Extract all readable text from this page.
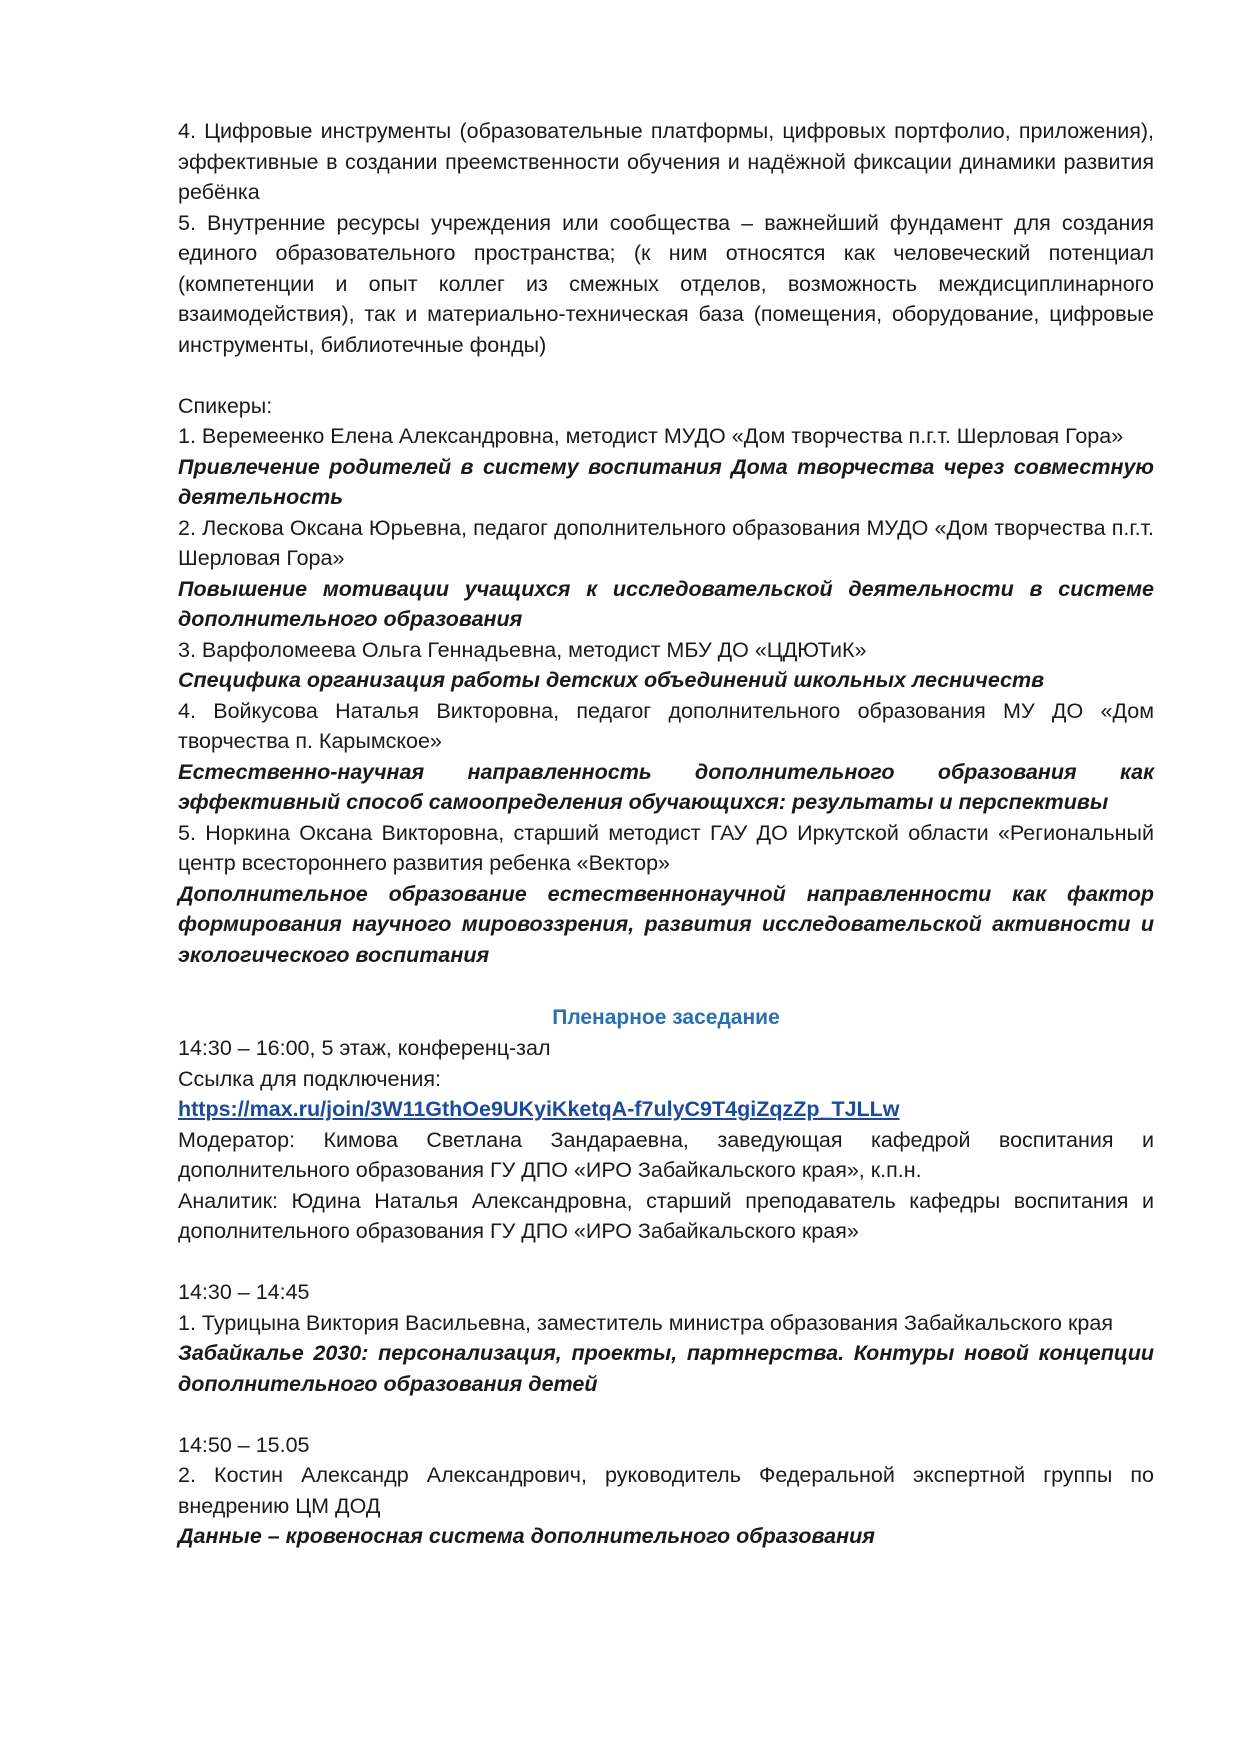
4. Цифровые инструменты (образовательные платформы, цифровых портфолио, приложения), эффективные в создании преемственности обучения и надёжной фиксации динамики развития ребёнка

5. Внутренние ресурсы учреждения или сообщества – важнейший фундамент для создания единого образовательного пространства; (к ним относятся как человеческий потенциал (компетенции и опыт коллег из смежных отделов, возможность междисциплинарного взаимодействия), так и материально-техническая база (помещения, оборудование, цифровые инструменты, библиотечные фонды)

Спикеры:

1. Веремеенко Елена Александровна, методист МУДО «Дом творчества п.г.т. Шерловая Гора»

Привлечение родителей в систему воспитания Дома творчества через совместную деятельность

2. Лескова Оксана Юрьевна, педагог дополнительного образования МУДО «Дом творчества п.г.т. Шерловая Гора»

Повышение мотивации учащихся к исследовательской деятельности в системе дополнительного образования

3. Варфоломеева Ольга Геннадьевна, методист МБУ ДО «ЦДЮТиК»

Специфика организация работы детских объединений школьных лесничеств

4. Войкусова Наталья Викторовна, педагог дополнительного образования МУ ДО «Дом творчества п. Карымское»

Естественно-научная направленность дополнительного образования как эффективный способ самоопределения обучающихся: результаты и перспективы

5. Норкина Оксана Викторовна, старший методист ГАУ ДО Иркутской области «Региональный центр всестороннего развития ребенка «Вектор»

Дополнительное образование естественнонаучной направленности как фактор формирования научного мировоззрения, развития исследовательской активности и экологического воспитания

Пленарное заседание

14:30 – 16:00, 5 этаж, конференц-зал

Ссылка для подключения:

https://max.ru/join/3W11GthOe9UKyiKketqA-f7ulyC9T4giZqzZp_TJLLw

Модератор: Кимова Светлана Зандараевна, заведующая кафедрой воспитания и дополнительного образования ГУ ДПО «ИРО Забайкальского края», к.п.н.

Аналитик: Юдина Наталья Александровна, старший преподаватель кафедры воспитания и дополнительного образования ГУ ДПО «ИРО Забайкальского края»

14:30 – 14:45

1. Турицына Виктория Васильевна, заместитель министра образования Забайкальского края

Забайкалье 2030: персонализация, проекты, партнерства. Контуры новой концепции дополнительного образования детей

14:50 – 15.05

2. Костин Александр Александрович, руководитель Федеральной экспертной группы по внедрению ЦМ ДОД

Данные – кровеносная система дополнительного образования
